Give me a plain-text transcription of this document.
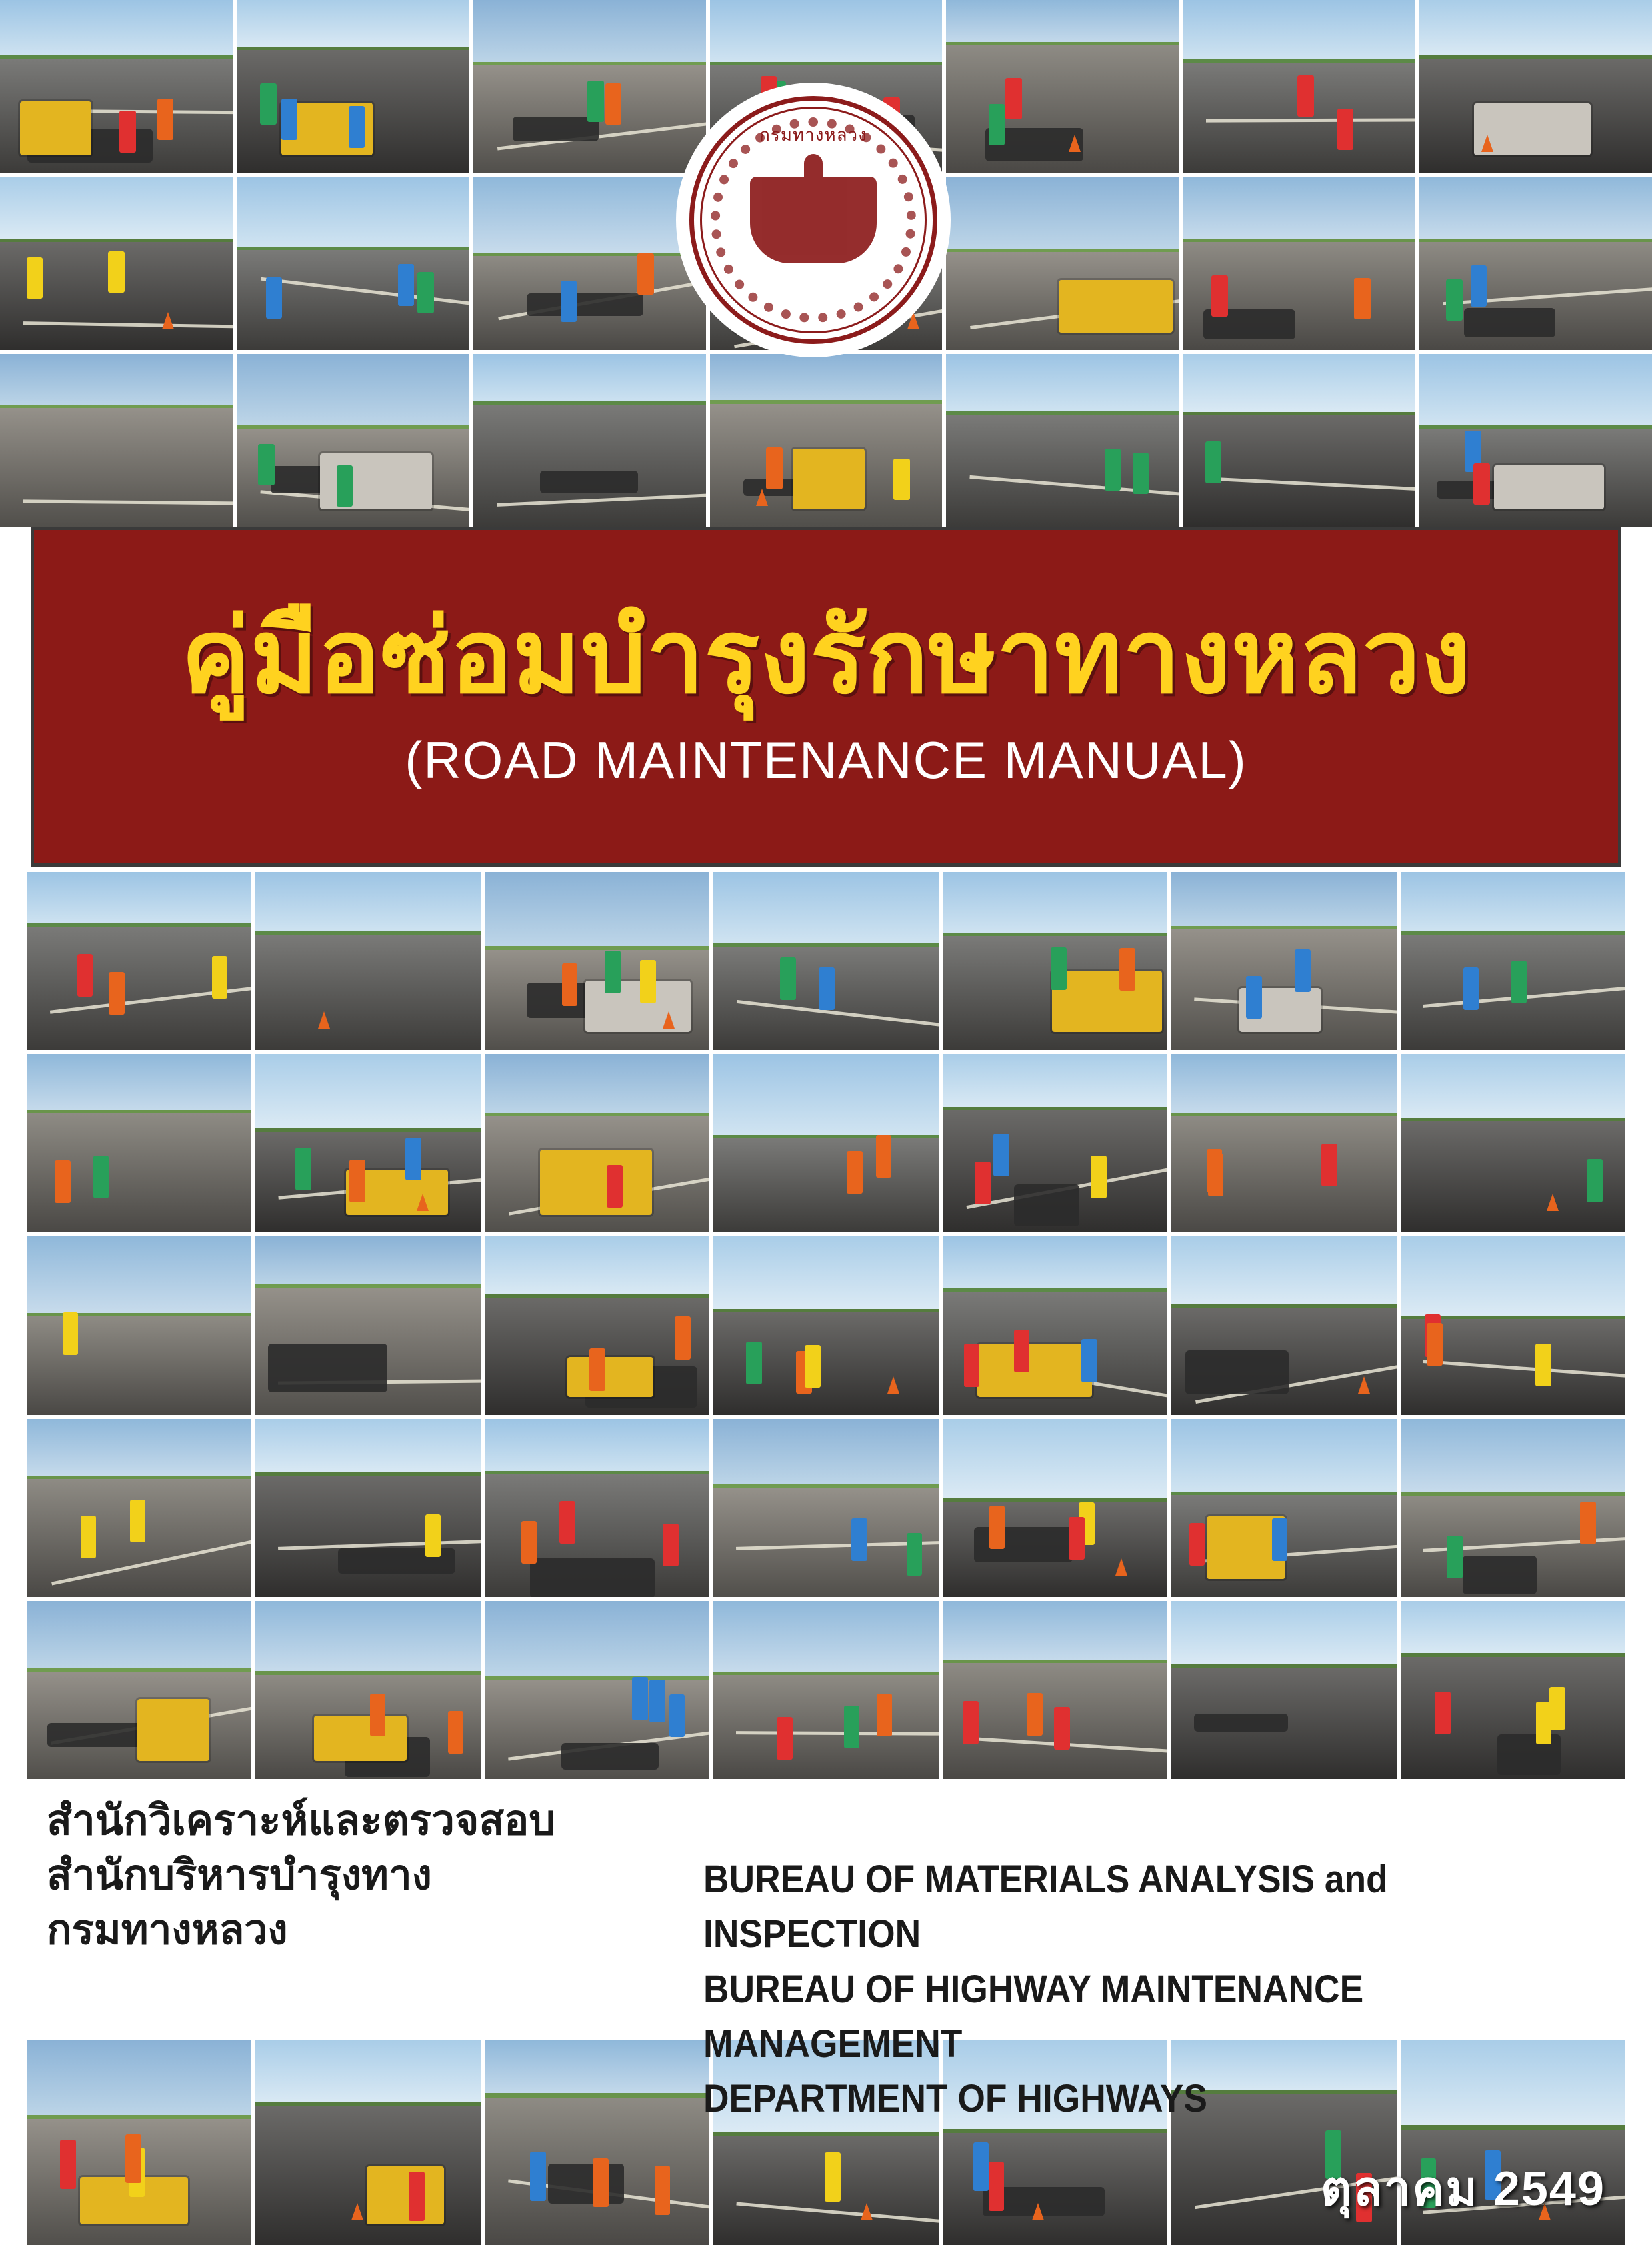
กรมทางหลวง
คู่มือซ่อมบำรุงรักษาทางหลวง
(ROAD MAINTENANCE MANUAL)
สำนักวิเคราะห์และตรวจสอบ
สำนักบริหารบำรุงทาง
กรมทางหลวง
BUREAU OF MATERIALS ANALYSIS and INSPECTION
BUREAU OF HIGHWAY MAINTENANCE MANAGEMENT
DEPARTMENT OF HIGHWAYS
ตุลาคม 2549
